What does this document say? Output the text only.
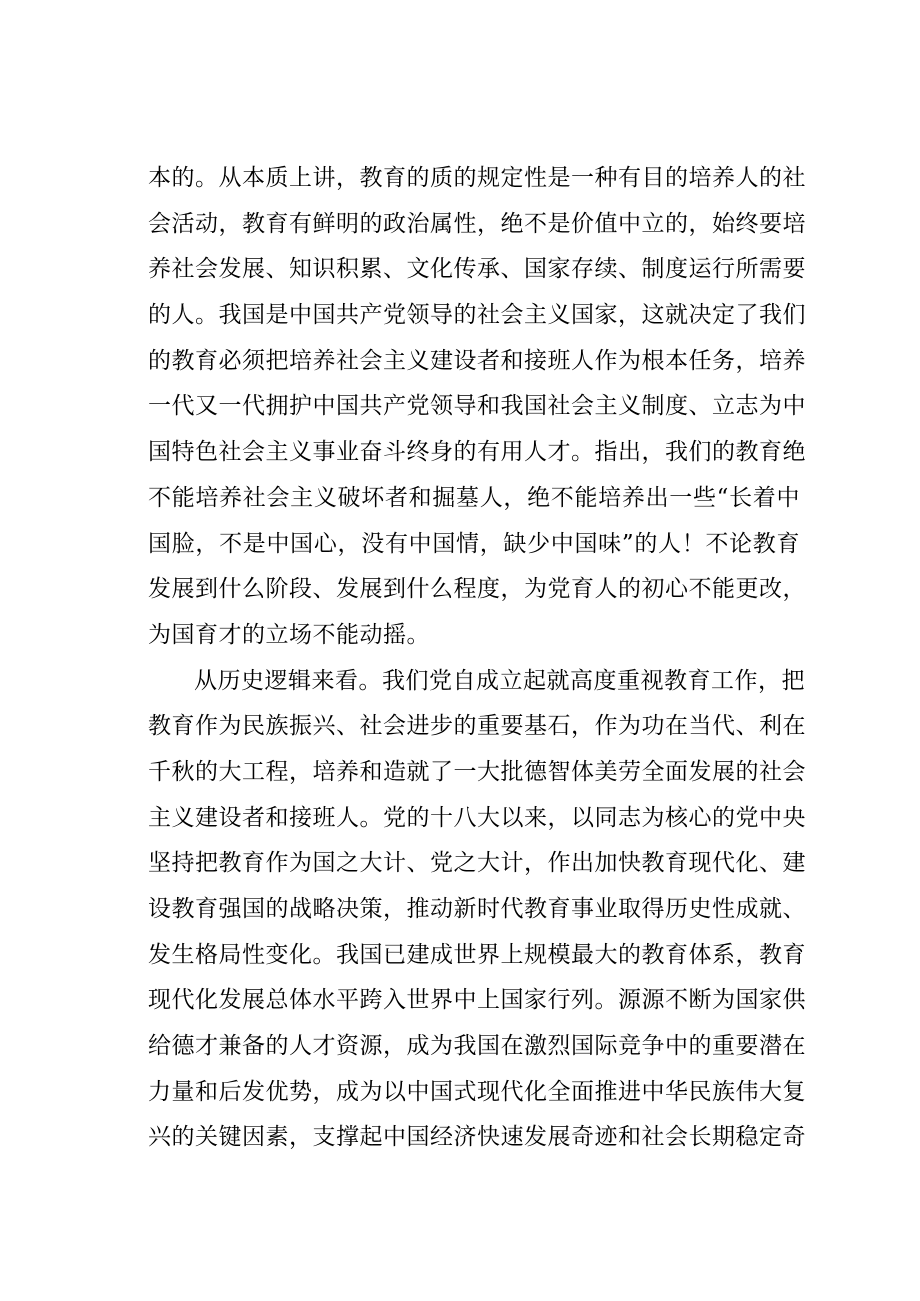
本的。从本质上讲，教育的质的规定性是一种有目的培养人的社
会活动，教育有鲜明的政治属性，绝不是价值中立的，始终要培
养社会发展、知识积累、文化传承、国家存续、制度运行所需要
的人。我国是中国共产党领导的社会主义国家，这就决定了我们
的教育必须把培养社会主义建设者和接班人作为根本任务，培养
一代又一代拥护中国共产党领导和我国社会主义制度、立志为中
国特色社会主义事业奋斗终身的有用人才。指出，我们的教育绝
不能培养社会主义破坏者和掘墓人，绝不能培养出一些“长着中
国脸，不是中国心，没有中国情，缺少中国味”的人！不论教育
发展到什么阶段、发展到什么程度，为党育人的初心不能更改，
为国育才的立场不能动摇。
从历史逻辑来看。我们党自成立起就高度重视教育工作，把
教育作为民族振兴、社会进步的重要基石，作为功在当代、利在
千秋的大工程，培养和造就了一大批德智体美劳全面发展的社会
主义建设者和接班人。党的十八大以来，以同志为核心的党中央
坚持把教育作为国之大计、党之大计，作出加快教育现代化、建
设教育强国的战略决策，推动新时代教育事业取得历史性成就、
发生格局性变化。我国已建成世界上规模最大的教育体系，教育
现代化发展总体水平跨入世界中上国家行列。源源不断为国家供
给德才兼备的人才资源，成为我国在激烈国际竞争中的重要潜在
力量和后发优势，成为以中国式现代化全面推进中华民族伟大复
兴的关键因素，支撑起中国经济快速发展奇迹和社会长期稳定奇
